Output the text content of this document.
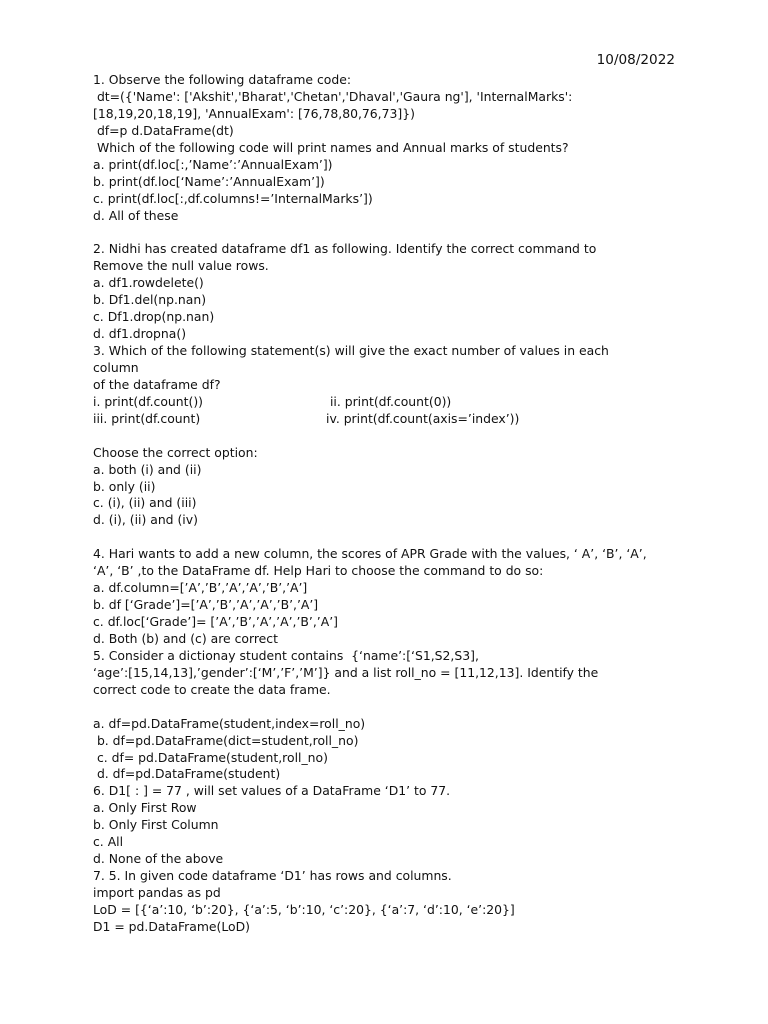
10/08/2022
1. Observe the following dataframe code:
dt=({'Name': ['Akshit','Bharat','Chetan','Dhaval','Gaura ng'], 'InternalMarks':
[18,19,20,18,19], 'AnnualExam': [76,78,80,76,73]})
df=p d.DataFrame(dt)
Which of the following code will print names and Annual marks of students?
a. print(df.loc[:,’Name’:’AnnualExam’])
b. print(df.loc[‘Name’:’AnnualExam’])
c. print(df.loc[:,df.columns!=’InternalMarks’])
d. All of these
2. Nidhi has created dataframe df1 as following. Identify the correct command to
Remove the null value rows.
a. df1.rowdelete()
b. Df1.del(np.nan)
c. Df1.drop(np.nan)
d. df1.dropna()
3. Which of the following statement(s) will give the exact number of values in each
column
of the dataframe df?
i. print(df.count())	ii. print(df.count(0))
iii. print(df.count)	iv. print(df.count(axis=’index’))
Choose the correct option:
a. both (i) and (ii)
b. only (ii)
c. (i), (ii) and (iii)
d. (i), (ii) and (iv)
4. Hari wants to add a new column, the scores of APR Grade with the values, ‘ A’, ‘B’, ‘A’,
‘A’, ‘B’ ,to the DataFrame df. Help Hari to choose the command to do so:
a. df.column=[’A’,’B’,’A’,’A’,’B’,’A’]
b. df [‘Grade’]=[’A’,’B’,’A’,’A’,’B’,’A’]
c. df.loc[‘Grade’]= [’A’,’B’,’A’,’A’,’B’,’A’]
d. Both (b) and (c) are correct
5. Consider a dictionay student contains  {‘name’:[‘S1,S2,S3],
‘age’:[15,14,13],’gender’:[‘M’,’F’,’M’]} and a list roll_no = [11,12,13]. Identify the
correct code to create the data frame.
a. df=pd.DataFrame(student,index=roll_no)
b. df=pd.DataFrame(dict=student,roll_no)
c. df= pd.DataFrame(student,roll_no)
d. df=pd.DataFrame(student)
6. D1[ : ] = 77 , will set values of a DataFrame ‘D1’ to 77.
a. Only First Row
b. Only First Column
c. All
d. None of the above
7. 5. In given code dataframe ‘D1’ has rows and columns.
import pandas as pd
LoD = [{‘a’:10, ‘b’:20}, {‘a’:5, ‘b’:10, ‘c’:20}, {‘a’:7, ‘d’:10, ‘e’:20}]
D1 = pd.DataFrame(LoD)
